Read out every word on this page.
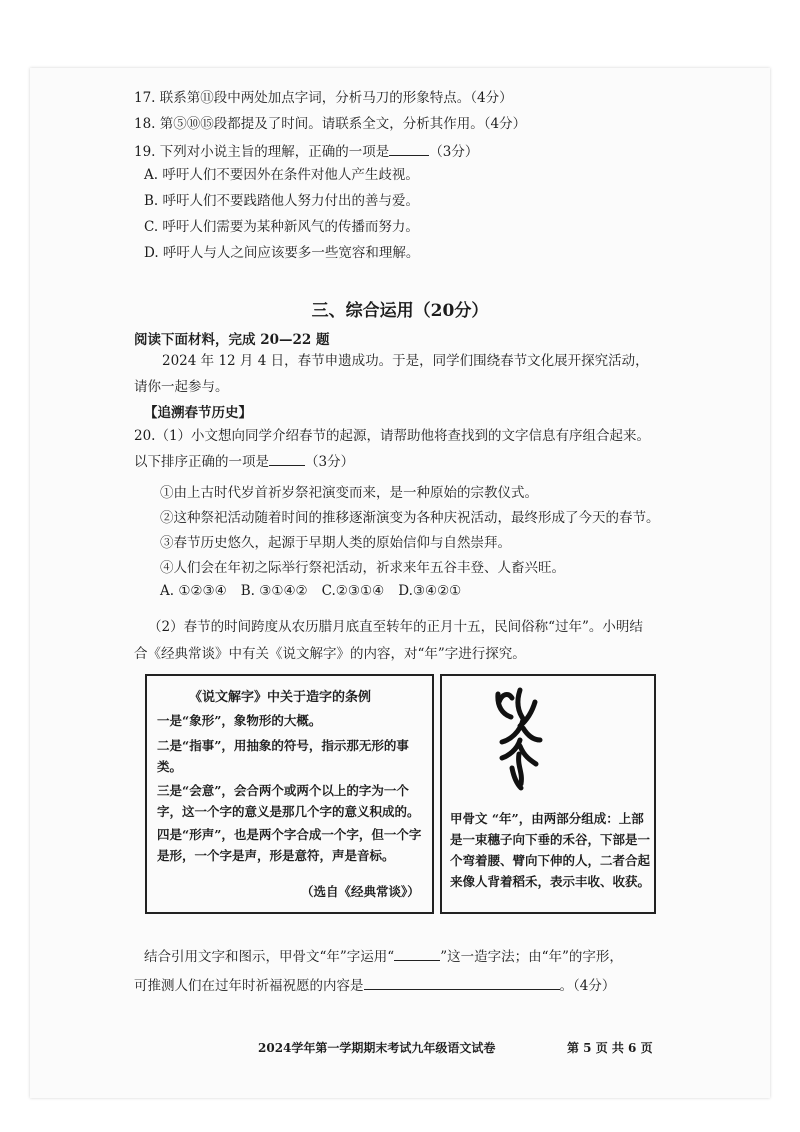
17. 联系第⑪段中两处加点字词，分析马刀的形象特点。（4分）
18. 第⑤⑩⑮段都提及了时间。请联系全文，分析其作用。（4分）
19. 下列对小说主旨的理解，正确的一项是	（3分）
A. 呼吁人们不要因外在条件对他人产生歧视。
B. 呼吁人们不要践踏他人努力付出的善与爱。
C. 呼吁人们需要为某种新风气的传播而努力。
D. 呼吁人与人之间应该要多一些宽容和理解。
三、综合运用（20分）
阅读下面材料，完成 20—22 题
2024 年 12 月 4 日，春节申遗成功。于是，同学们围绕春节文化展开探究活动，请你一起参与。
【追溯春节历史】
20.（1）小文想向同学介绍春节的起源，请帮助他将查找到的文字信息有序组合起来。以下排序正确的一项是	（3分）
①由上古时代岁首祈岁祭祀演变而来，是一种原始的宗教仪式。
②这种祭祀活动随着时间的推移逐渐演变为各种庆祝活动，最终形成了今天的春节。
③春节历史悠久，起源于早期人类的原始信仰与自然崇拜。
④人们会在年初之际举行祭祀活动，祈求来年五谷丰登、人畜兴旺。
A. ①②③④ B. ③①④② C.②③①④ D.③④②①
（2）春节的时间跨度从农历腊月底直至转年的正月十五，民间俗称“过年”。小明结合《经典常谈》中有关《说文解字》的内容，对“年”字进行探究。
《说文解字》中关于造字的条例
一是“象形”，象物形的大概。
二是“指事”，用抽象的符号，指示那无形的事类。
三是“会意”，会合两个或两个以上的字为一个字，这一个字的意义是那几个字的意义积成的。
四是“形声”，也是两个字合成一个字，但一个字是形，一个字是声，形是意符，声是音标。
（选自《经典常谈》）
甲骨文 “年”，由两部分组成：上部是一束穗子向下垂的禾谷，下部是一个弯着腰、臂向下伸的人，二者合起来像人背着稻禾，表示丰收、收获。
结合引用文字和图示，甲骨文“年”字运用“	”这一造字法；由“年”的字形，
可推测人们在过年时祈福祝愿的内容是	。（4分）
2024学年第一学期期末考试九年级语文试卷	第 5 页 共 6 页
